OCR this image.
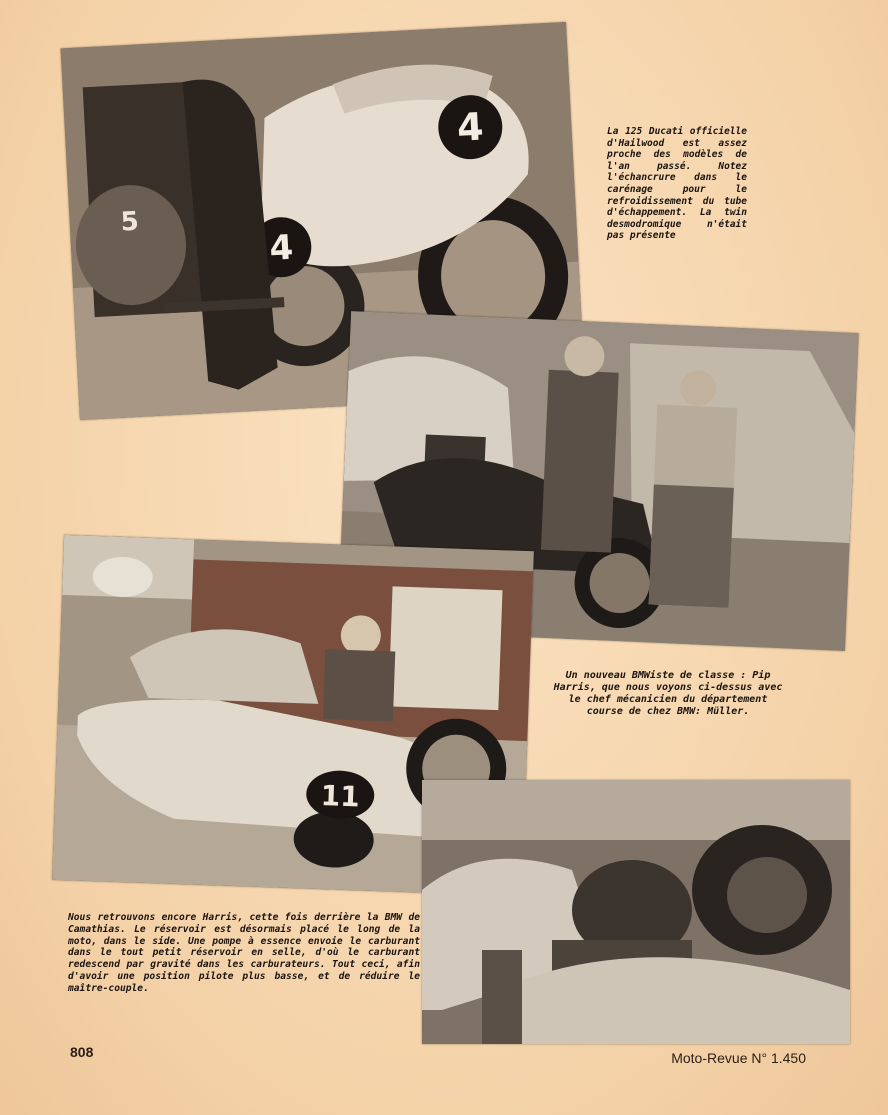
4
4
5
11
La 125 Ducati officielle d'Hailwood est assez proche des modèles de l'an passé. Notez l'échancrure dans le carénage pour le refroidissement du tube d'échappement. La twin desmodromique n'était pas présente
Un nouveau BMWiste de classe : Pip Harris, que nous voyons ci-dessus avec le chef mécanicien du département course de chez BMW: Müller.
Nous retrouvons encore Harris, cette fois derrière la BMW de Camathias. Le réservoir est désormais placé le long de la moto, dans le side. Une pompe à essence envoie le carburant dans le tout petit réservoir en selle, d'où le carburant redescend par gravité dans les carburateurs. Tout ceci, afin d'avoir une position pilote plus basse, et de réduire le maître-couple.
808	Moto-Revue N° 1.450
